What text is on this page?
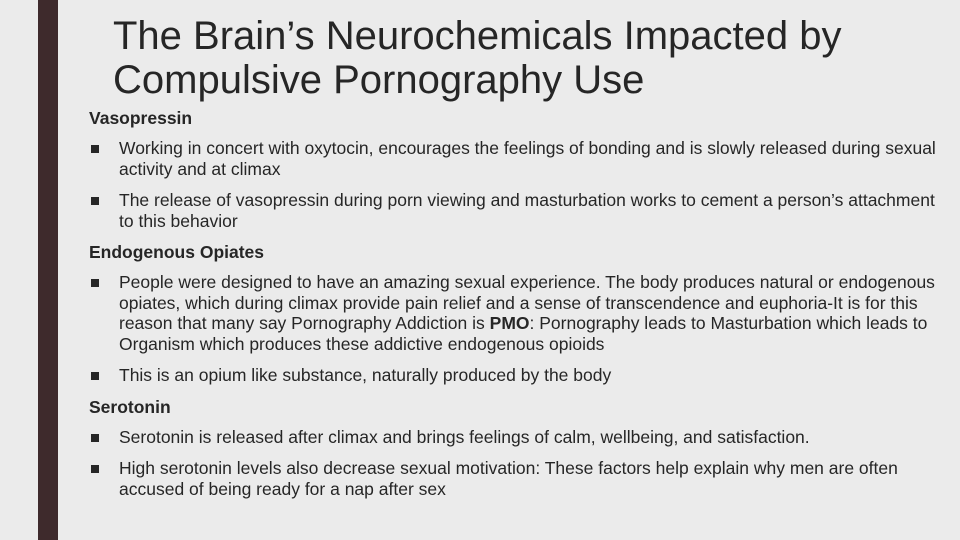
The Brain’s Neurochemicals Impacted by Compulsive Pornography Use
Vasopressin
Working in concert with oxytocin, encourages the feelings of bonding and is slowly released during sexual activity and at climax
The release of vasopressin during porn viewing and masturbation works to cement a person’s attachment to this behavior
Endogenous Opiates
People were designed to have an amazing sexual experience. The body produces natural or endogenous opiates, which during climax provide pain relief and a sense of transcendence and euphoria-It is for this reason that many say Pornography Addiction is PMO: Pornography leads to Masturbation which leads to Organism which produces these addictive endogenous opioids
This is an opium like substance, naturally produced by the body
Serotonin
Serotonin is released after climax and brings feelings of calm, wellbeing, and satisfaction.
High serotonin levels also decrease sexual motivation: These factors help explain why men are often accused of being ready for a nap after sex
